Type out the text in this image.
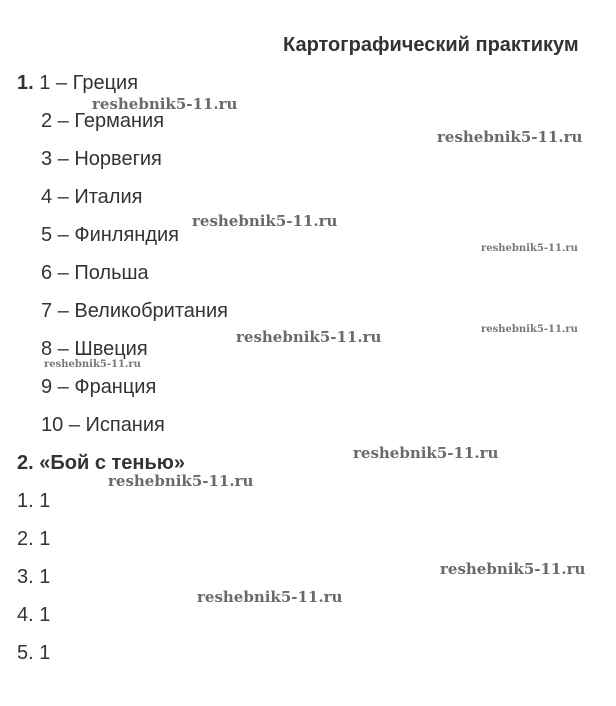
Картографический практикум
1. 1 – Греция
2 – Германия
3 – Норвегия
4 – Италия
5 – Финляндия
6 – Польша
7 – Великобритания
8 – Швеция
9 – Франция
10 – Испания
2. «Бой с тенью»
1. 1
2. 1
3. 1
4. 1
5. 1
reshebnik5-11.ru
reshebnik5-11.ru
reshebnik5-11.ru
reshebnik5-11.ru
reshebnik5-11.ru	reshebnik5-11.ru
reshebnik5-11.ru
reshebnik5-11.ru
reshebnik5-11.ru
reshebnik5-11.ru
reshebnik5-11.ru
